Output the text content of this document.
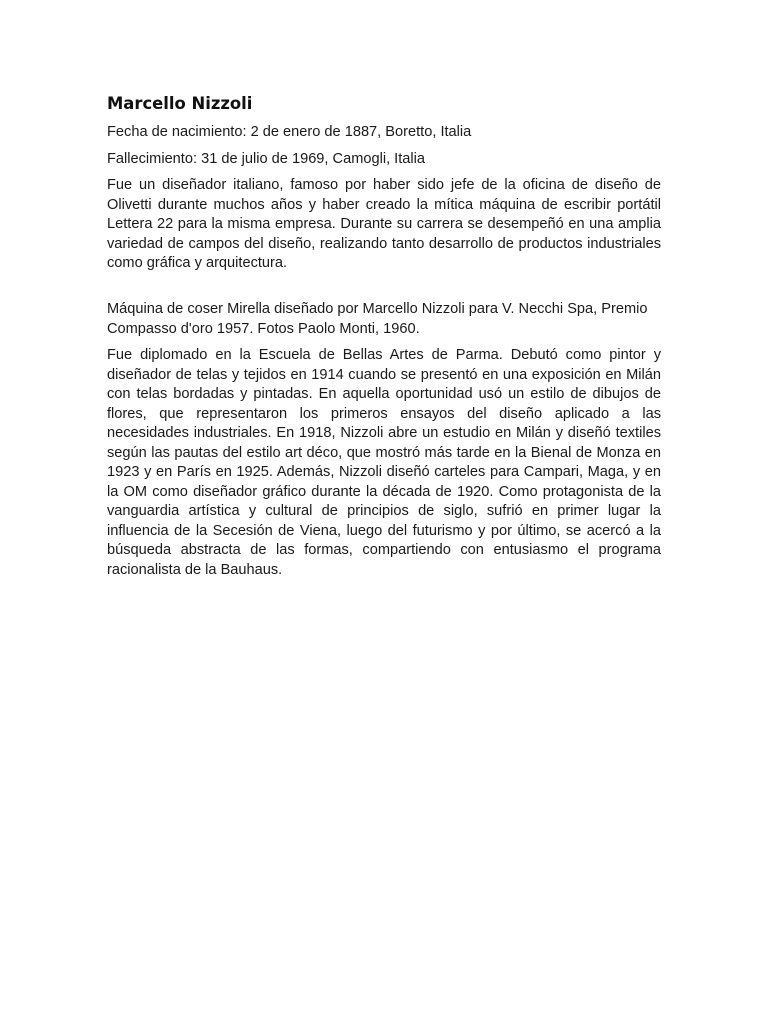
Marcello Nizzoli

Fecha de nacimiento: 2 de enero de 1887, Boretto, Italia

Fallecimiento: 31 de julio de 1969, Camogli, Italia

Fue un diseñador italiano, famoso por haber sido jefe de la oficina de diseño de Olivetti durante muchos años y haber creado la mítica máquina de escribir portátil Lettera 22 para la misma empresa. Durante su carrera se desempeñó en una amplia variedad de campos del diseño, realizando tanto desarrollo de productos industriales como gráfica y arquitectura.

Máquina de coser Mirella diseñado por Marcello Nizzoli para V. Necchi Spa, Premio Compasso d'oro 1957. Fotos Paolo Monti, 1960.

Fue diplomado en la Escuela de Bellas Artes de Parma. Debutó como pintor y diseñador de telas y tejidos en 1914 cuando se presentó en una exposición en Milán con telas bordadas y pintadas. En aquella oportunidad usó un estilo de dibujos de flores, que representaron los primeros ensayos del diseño aplicado a las necesidades industriales. En 1918, Nizzoli abre un estudio en Milán y diseñó textiles según las pautas del estilo art déco, que mostró más tarde en la Bienal de Monza en 1923 y en París en 1925. Además, Nizzoli diseñó carteles para Campari, Maga, y en la OM como diseñador gráfico durante la década de 1920. Como protagonista de la vanguardia artística y cultural de principios de siglo, sufrió en primer lugar la influencia de la Secesión de Viena, luego del futurismo y por último, se acercó a la búsqueda abstracta de las formas, compartiendo con entusiasmo el programa racionalista de la Bauhaus.
